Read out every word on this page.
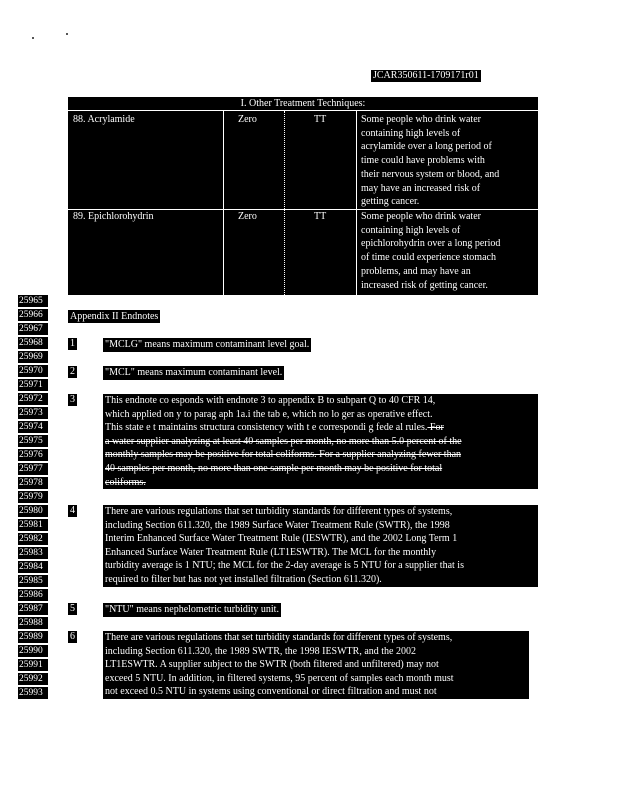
JCAR350611-1709171r01
I. Other Treatment Techniques:
88. Acrylamide	Zero	TT	Some people who drink water
containing high levels of
acrylamide over a long period of
time could have problems with
their nervous system or blood, and
may have an increased risk of
getting cancer.
89. Epichlorohydrin	Zero	TT	Some people who drink water
containing high levels of
epichlorohydrin over a long period
of time could experience stomach
problems, and may have an
increased risk of getting cancer.
25965
25966
25967
25968
25969
25970
25971
25972
25973
25974
25975
25976
25977
25978
25979
25980
25981
25982
25983
25984
25985
25986
25987
25988
25989
25990
25991
25992
25993
Appendix II Endnotes
1	"MCLG" means maximum contaminant level goal.
2	"MCL" means maximum contaminant level.
3	This endnote co esponds with endnote 3 to appendix B to subpart Q to 40 CFR 14,
which applied on y to parag aph 1a.i the tab e, which no lo ger as operative effect.
This state e t maintains structura consistency with t e correspondi g fede al rules. For
a water supplier analyzing at least 40 samples per month, no more than 5.0 percent of the
monthly samples may be positive for total coliforms. For a supplier analyzing fewer than
40 samples per month, no more than one sample per month may be positive for total
coliforms.
4	There are various regulations that set turbidity standards for different types of systems,
including Section 611.320, the 1989 Surface Water Treatment Rule (SWTR), the 1998
Interim Enhanced Surface Water Treatment Rule (IESWTR), and the 2002 Long Term 1
Enhanced Surface Water Treatment Rule (LT1ESWTR). The MCL for the monthly
turbidity average is 1 NTU; the MCL for the 2-day average is 5 NTU for a supplier that is
required to filter but has not yet installed filtration (Section 611.320).
5	"NTU" means nephelometric turbidity unit.
6	There are various regulations that set turbidity standards for different types of systems,
including Section 611.320, the 1989 SWTR, the 1998 IESWTR, and the 2002
LT1ESWTR. A supplier subject to the SWTR (both filtered and unfiltered) may not
exceed 5 NTU. In addition, in filtered systems, 95 percent of samples each month must
not exceed 0.5 NTU in systems using conventional or direct filtration and must not
